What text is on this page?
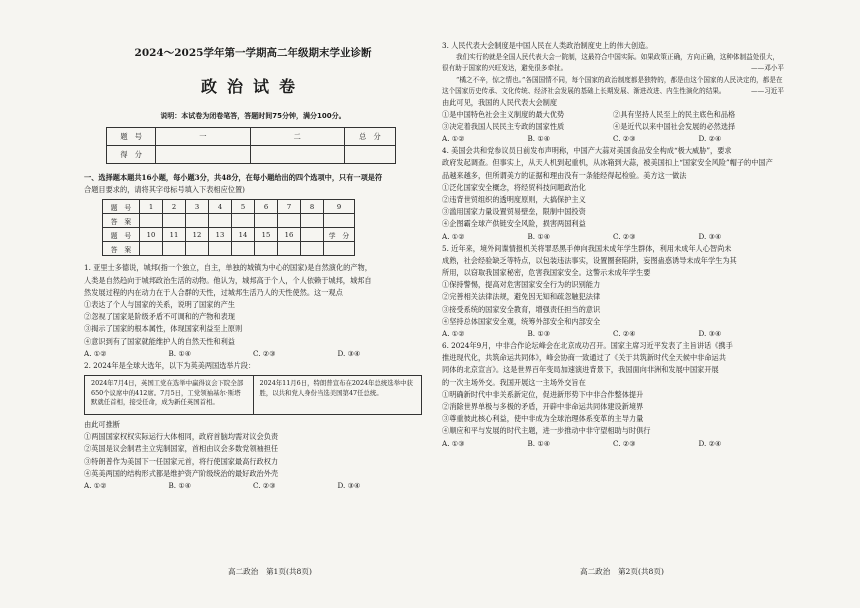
2024～2025学年第一学期高二年级期末学业诊断
政治试卷
说明：本试卷为闭卷笔答，答题时间75分钟，满分100分。
题　号	一	二	总　分
得　分			
一、选择题本题共16小题，每小题3分，共48分，在每小题给出的四个选项中，只有一项是符
合题目要求的，请将其字母标号填入下表相应位置)
题　号	1	2	3	4	5	6	7	8	9
答　案									
题　号	10	11	12	13	14	15	16		学　分
答　案									
1. 亚里士多德说，城邦(指一个独立，自主，单独的城镇为中心的国家)是自然演化的产物，
人类是自然趋向于城邦政治生活的动物。他认为，城邦高于个人，个人依赖于城邦，城邦自
然发展过程的内在动力在于人合群的天性，过城邦生活乃人的天性使然。这一观点
①表达了个人与国家的关系，说明了国家的产生
②忽视了国家是阶级矛盾不可调和的产物和表现
③揭示了国家的根本属性，体现国家利益至上原则
④意识到有了国家就能维护人的自然天性和利益
A. ①②	B. ①④	C. ②③	D. ③④
2. 2024年是全球大选年，以下为英美两国选举片段：
2024年7月4日，英国工党在选举中赢得议会下院全部650个议席中的412席。7月5日，工党领袖基尔·斯塔默就任首相，接受任命，成为新任英国首相。
2024年11月6日，特朗普宣布在2024年总统选举中获胜，以共和党人身份当选美国第47任总统。
由此可推断
①两国国家权权实际运行大体相同，政府首脑均需对议会负责
②英国是议会制君主立宪制国家，首相由议会多数党领袖担任
③特朗普作为美国下一任国家元首，将行使国家最高行政权力
④英美两国的结构形式都是维护资产阶级统治的最好政治外壳
A. ①②	B. ①④	C. ②③	D. ③④
3. 人民代表大会制度是中国人民在人类政治制度史上的伟大创造。
我们实行的就是全国人民代表大会一院制，这最符合中国实际。如果政策正确，方向正确，这种体制益处很大，很有助于国家的兴旺发达，避免很多牵扯。	——邓小平
“橘之不辛，惊之情也。”各国国情不同，每个国家的政治制度都是独特的，都是由这个国家的人民决定的，都是在这个国家历史传承、文化传统、经济社会发展的基础上长期发展、渐进改进、内生性演化的结果。	——习近平
由此可见，我国的人民代表大会制度
①是中国特色社会主义制度的最大优势	②具有坚持人民至上的民主底色和品格
③决定着我国人民民主专政的国家性质	④是近代以来中国社会发展的必然选择
A. ①②	B. ①④	C. ②③	D. ②④
4. 美国会共和党参议员日前发布声明称，中国产大蒜对美国食品安全构成“极大威胁”，要求
政府发起调查。但事实上，从天人机到起重机，从冰箱到大蒜，被美国扣上“国家安全风险”帽子的中国产
品越来越多，但所谓美方的证据和理由没有一条能经得起检验。美方这一做法
①泛化国家安全概念，将经贸科技问题政治化
②违背世贸组织的透明度原则，大搞保护主义
③滥用国家力量设置贸易壁垒，限制中国投资
④企图霸全球产供链安全风险，损害两国利益
A. ①②	B. ①④	C. ②③	D. ③④
5. 近年来，境外间谍情报机关将罪恶黑手伸向我国未成年学生群体，利用未成年人心智尚未
成熟，社会经验缺乏等特点，以包装违法事实，设置圈套陷阱，妄图蛊惑诱导未成年学生为其
所用，以窃取我国家秘密，危害我国家安全。这警示未成年学生要
①保持警惕，提高对危害国家安全行为的识别能力
②完善相关法律法规，避免因无知和疏忽触犯法律
③接受系统的国家安全教育，增强责任担当的意识
④坚持总体国家安全观，统筹外部安全和内部安全
A. ①②	B. ①③	C. ②④	D. ③④
6. 2024年9月，中非合作论坛峰会在北京成功召开。国家主席习近平发表了主旨讲话《携手
推进现代化，共筑命运共同体》，峰会协商一致通过了《关于共筑新时代全天候中非命运共
同体的北京宣言》。这是世界百年变局加速演进背景下，我国面向非洲和发展中国家开展
的一次主场外交。我国开展这一主场外交旨在
①明确新时代中非关系新定位，促进新形势下中非合作整体提升
②消除世界单极与多极的矛盾，开辟中非命运共同体建设新境界
③尊重彼此核心利益，使中非成为全球治理体系变革的主导力量
④顺应和平与发展的时代主题，进一步推动中非守望相助与时俱行
A. ①③	B. ①④	C. ②③	D. ②④
高二政治　第1页(共8页)	高二政治　第2页(共8页)
